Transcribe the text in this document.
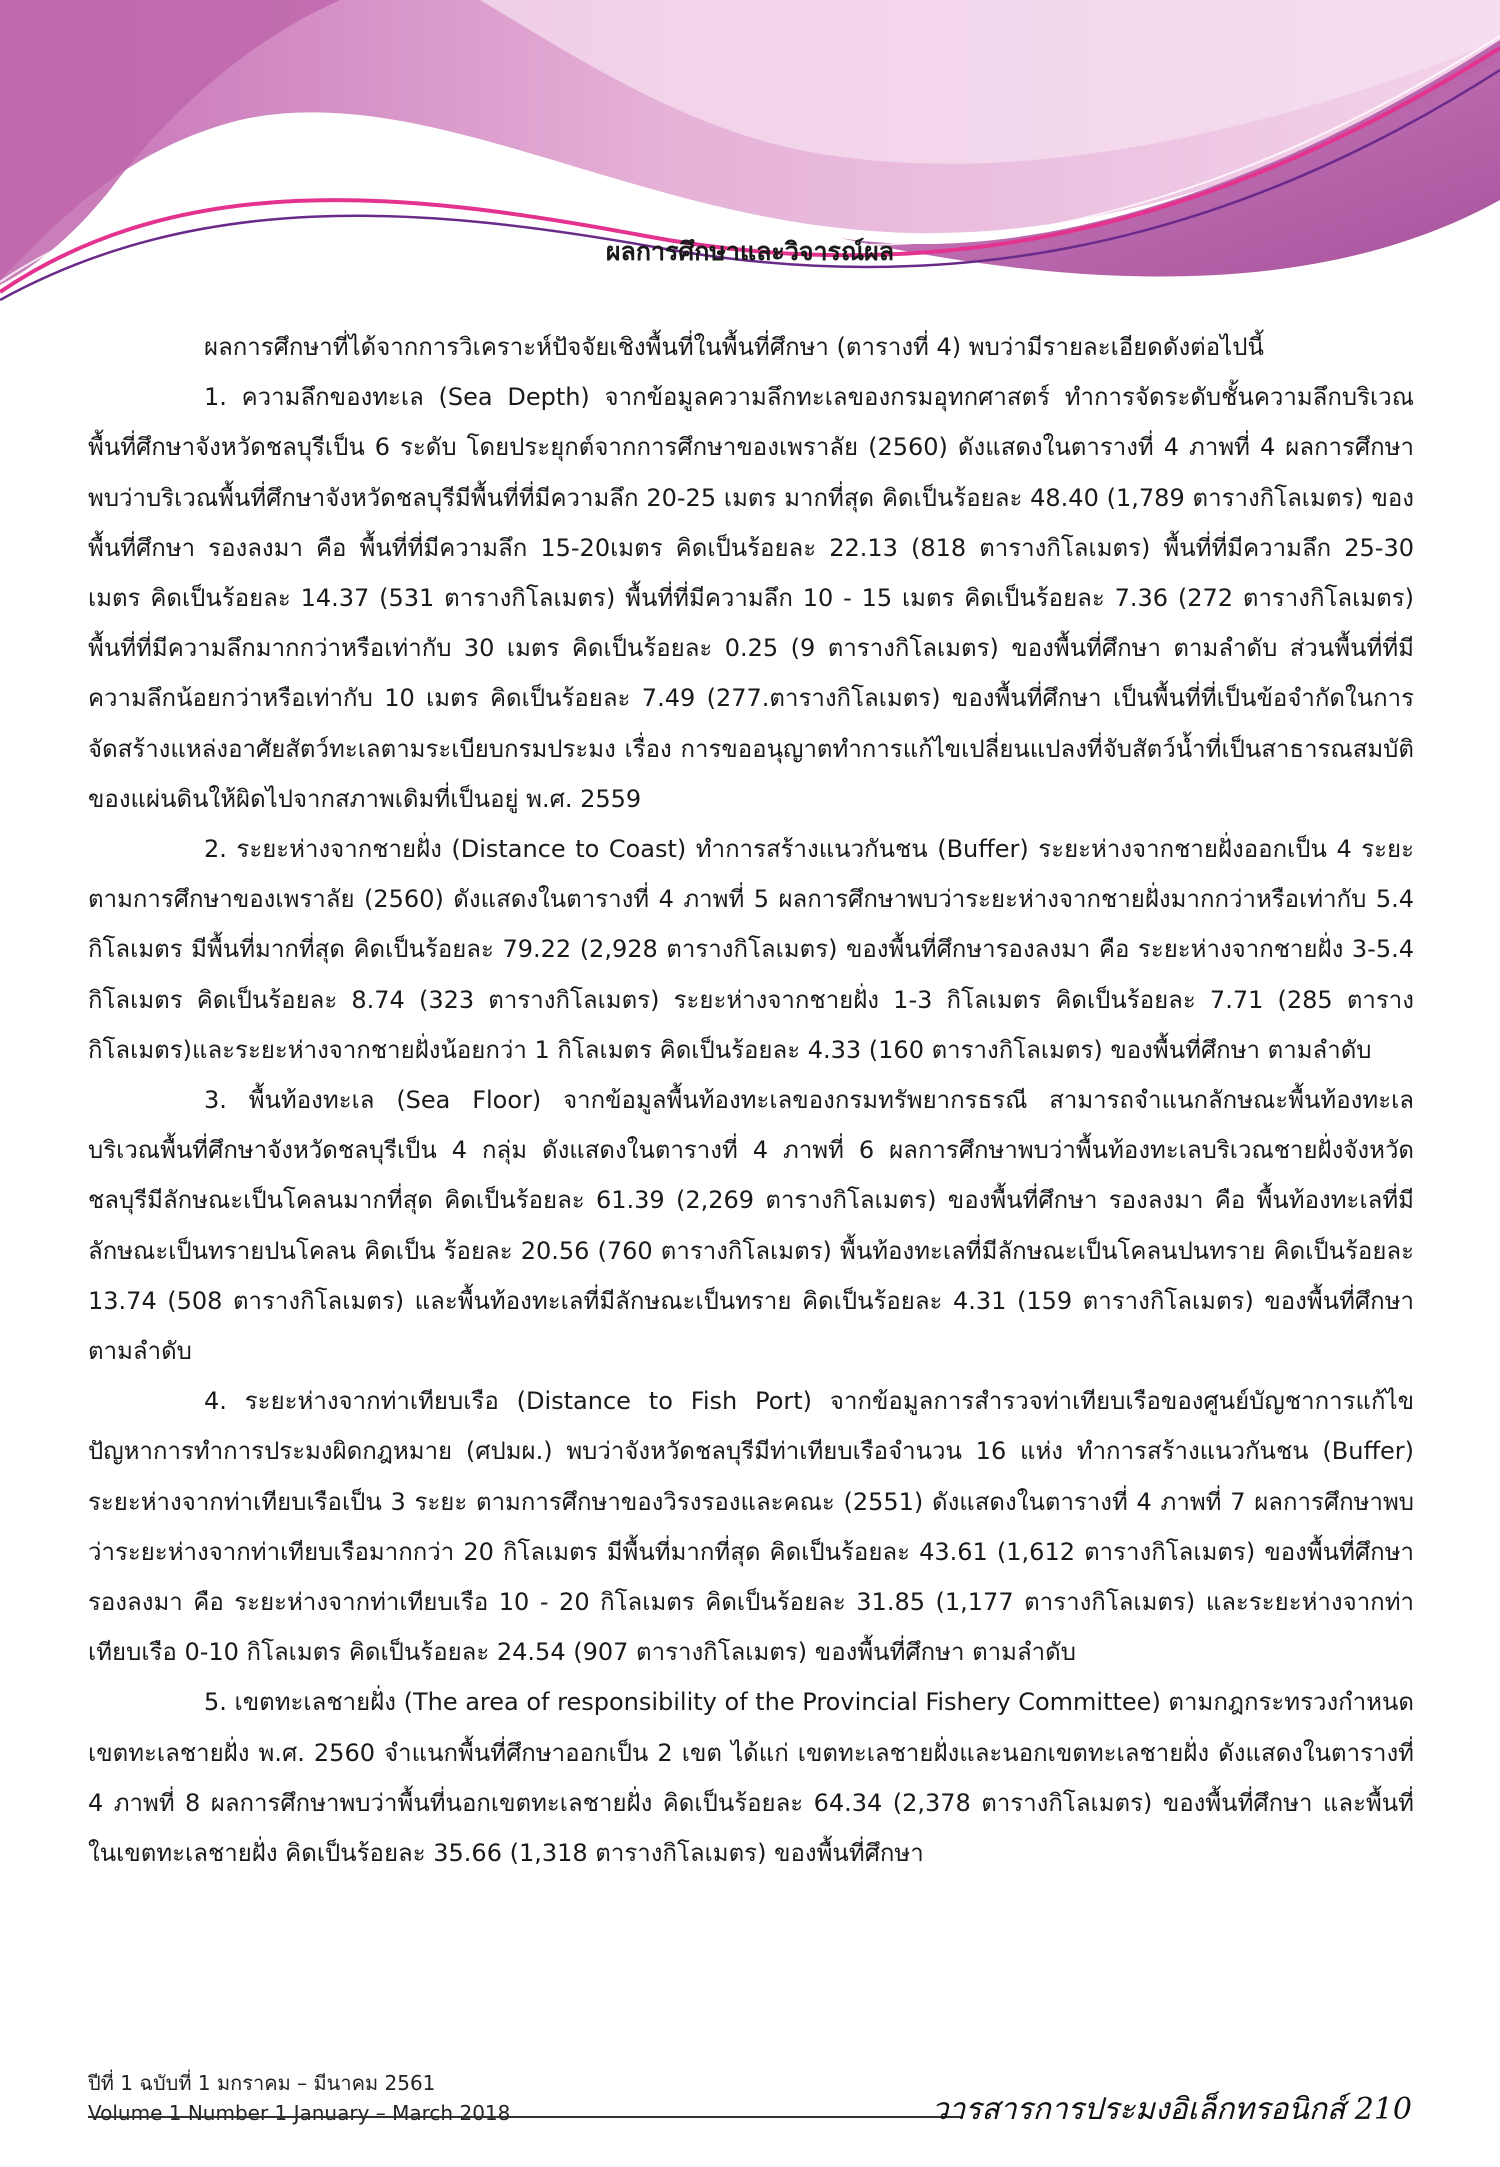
ผลการศึกษาและวิจารณ์ผล

ผลการศึกษาที่ได้จากการวิเคราะห์ปัจจัยเชิงพื้นที่ในพื้นที่ศึกษา (ตารางที่ 4) พบว่ามีรายละเอียดดังต่อไปนี้

1. ความลึกของทะเล (Sea Depth) จากข้อมูลความลึกทะเลของกรมอุทกศาสตร์ ทำการจัดระดับชั้นความลึกบริเวณพื้นที่ศึกษาจังหวัดชลบุรีเป็น 6 ระดับ โดยประยุกต์จากการศึกษาของเพราลัย (2560) ดังแสดงในตารางที่ 4 ภาพที่ 4 ผลการศึกษาพบว่าบริเวณพื้นที่ศึกษาจังหวัดชลบุรีมีพื้นที่ที่มีความลึก 20-25 เมตร มากที่สุด คิดเป็นร้อยละ 48.40 (1,789 ตารางกิโลเมตร) ของพื้นที่ศึกษา รองลงมา คือ พื้นที่ที่มีความลึก 15-20เมตร คิดเป็นร้อยละ 22.13 (818 ตารางกิโลเมตร) พื้นที่ที่มีความลึก 25-30 เมตร คิดเป็นร้อยละ 14.37 (531 ตารางกิโลเมตร) พื้นที่ที่มีความลึก 10 - 15 เมตร คิดเป็นร้อยละ 7.36 (272 ตารางกิโลเมตร) พื้นที่ที่มีความลึกมากกว่าหรือเท่ากับ 30 เมตร คิดเป็นร้อยละ 0.25 (9 ตารางกิโลเมตร) ของพื้นที่ศึกษา ตามลำดับ ส่วนพื้นที่ที่มีความลึกน้อยกว่าหรือเท่ากับ 10 เมตร คิดเป็นร้อยละ 7.49 (277.ตารางกิโลเมตร) ของพื้นที่ศึกษา เป็นพื้นที่ที่เป็นข้อจำกัดในการจัดสร้างแหล่งอาศัยสัตว์ทะเลตามระเบียบกรมประมง เรื่อง การขออนุญาตทำการแก้ไขเปลี่ยนแปลงที่จับสัตว์น้ำที่เป็นสาธารณสมบัติของแผ่นดินให้ผิดไปจากสภาพเดิมที่เป็นอยู่ พ.ศ. 2559

2. ระยะห่างจากชายฝั่ง (Distance to Coast) ทำการสร้างแนวกันชน (Buffer) ระยะห่างจากชายฝั่งออกเป็น 4 ระยะ ตามการศึกษาของเพราลัย (2560) ดังแสดงในตารางที่ 4 ภาพที่ 5 ผลการศึกษาพบว่าระยะห่างจากชายฝั่งมากกว่าหรือเท่ากับ 5.4 กิโลเมตร มีพื้นที่มากที่สุด คิดเป็นร้อยละ 79.22 (2,928 ตารางกิโลเมตร) ของพื้นที่ศึกษารองลงมา คือ ระยะห่างจากชายฝั่ง 3-5.4 กิโลเมตร คิดเป็นร้อยละ 8.74 (323 ตารางกิโลเมตร) ระยะห่างจากชายฝั่ง 1-3 กิโลเมตร คิดเป็นร้อยละ 7.71 (285 ตารางกิโลเมตร)และระยะห่างจากชายฝั่งน้อยกว่า 1 กิโลเมตร คิดเป็นร้อยละ 4.33 (160 ตารางกิโลเมตร) ของพื้นที่ศึกษา ตามลำดับ

3. พื้นท้องทะเล (Sea Floor) จากข้อมูลพื้นท้องทะเลของกรมทรัพยากรธรณี สามารถจำแนกลักษณะพื้นท้องทะเลบริเวณพื้นที่ศึกษาจังหวัดชลบุรีเป็น 4 กลุ่ม ดังแสดงในตารางที่ 4 ภาพที่ 6 ผลการศึกษาพบว่าพื้นท้องทะเลบริเวณชายฝั่งจังหวัดชลบุรีมีลักษณะเป็นโคลนมากที่สุด คิดเป็นร้อยละ 61.39 (2,269 ตารางกิโลเมตร) ของพื้นที่ศึกษา รองลงมา คือ พื้นท้องทะเลที่มีลักษณะเป็นทรายปนโคลน คิดเป็น ร้อยละ 20.56 (760 ตารางกิโลเมตร) พื้นท้องทะเลที่มีลักษณะเป็นโคลนปนทราย คิดเป็นร้อยละ 13.74 (508 ตารางกิโลเมตร) และพื้นท้องทะเลที่มีลักษณะเป็นทราย คิดเป็นร้อยละ 4.31 (159 ตารางกิโลเมตร) ของพื้นที่ศึกษา ตามลำดับ

4. ระยะห่างจากท่าเทียบเรือ (Distance to Fish Port) จากข้อมูลการสำรวจท่าเทียบเรือของศูนย์บัญชาการแก้ไขปัญหาการทำการประมงผิดกฎหมาย (ศปมผ.) พบว่าจังหวัดชลบุรีมีท่าเทียบเรือจำนวน 16 แห่ง ทำการสร้างแนวกันชน (Buffer) ระยะห่างจากท่าเทียบเรือเป็น 3 ระยะ ตามการศึกษาของวิรงรองและคณะ (2551) ดังแสดงในตารางที่ 4 ภาพที่ 7 ผลการศึกษาพบว่าระยะห่างจากท่าเทียบเรือมากกว่า 20 กิโลเมตร มีพื้นที่มากที่สุด คิดเป็นร้อยละ 43.61 (1,612 ตารางกิโลเมตร) ของพื้นที่ศึกษา รองลงมา คือ ระยะห่างจากท่าเทียบเรือ 10 - 20 กิโลเมตร คิดเป็นร้อยละ 31.85 (1,177 ตารางกิโลเมตร) และระยะห่างจากท่าเทียบเรือ 0-10 กิโลเมตร คิดเป็นร้อยละ 24.54 (907 ตารางกิโลเมตร) ของพื้นที่ศึกษา ตามลำดับ

5. เขตทะเลชายฝั่ง (The area of responsibility of the Provincial Fishery Committee) ตามกฎกระทรวงกำหนดเขตทะเลชายฝั่ง พ.ศ. 2560 จำแนกพื้นที่ศึกษาออกเป็น 2 เขต ได้แก่ เขตทะเลชายฝั่งและนอกเขตทะเลชายฝั่ง ดังแสดงในตารางที่ 4 ภาพที่ 8 ผลการศึกษาพบว่าพื้นที่นอกเขตทะเลชายฝั่ง คิดเป็นร้อยละ 64.34 (2,378 ตารางกิโลเมตร) ของพื้นที่ศึกษา และพื้นที่ในเขตทะเลชายฝั่ง คิดเป็นร้อยละ 35.66 (1,318 ตารางกิโลเมตร) ของพื้นที่ศึกษา

ปีที่ 1 ฉบับที่ 1 มกราคม – มีนาคม 2561
Volume 1 Number 1 January – March 2018	วารสารการประมงอิเล็กทรอนิกส์ 210
